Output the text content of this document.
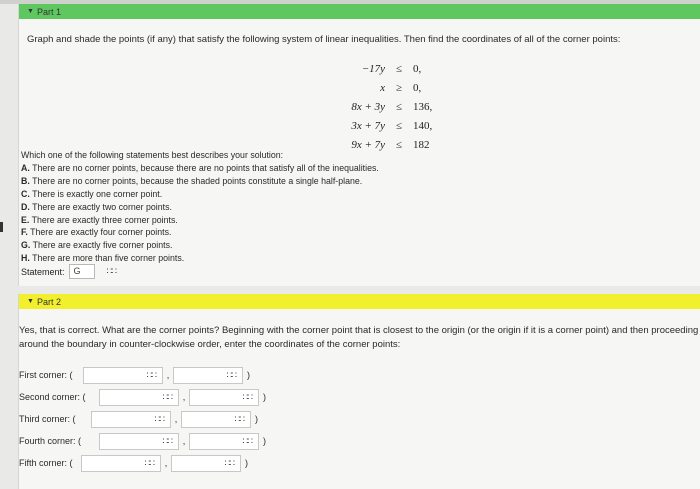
▼ Part 1
Graph and shade the points (if any) that satisfy the following system of linear inequalities. Then find the coordinates of all of the corner points:
−17y ≤ 0,
x ≥ 0,
8x + 3y ≤ 136,
3x + 7y ≤ 140,
9x + 7y ≤ 182
Which one of the following statements best describes your solution:
A. There are no corner points, because there are no points that satisfy all of the inequalities.
B. There are no corner points, because the shaded points constitute a single half-plane.
C. There is exactly one corner point.
D. There are exactly two corner points.
E. There are exactly three corner points.
F. There are exactly four corner points.
G. There are exactly five corner points.
H. There are more than five corner points.
Statement:	G	∷∷
▼ Part 2
Yes, that is correct. What are the corner points? Beginning with the corner point that is closest to the origin (or the origin if it is a corner point) and then proceeding around the boundary in counter-clockwise order, enter the coordinates of the corner points:
First corner: (	∷∷	,	∷∷ )
Second corner: (	∷∷	,	∷∷ )
Third corner: (	∷∷	,	∷∷ )
Fourth corner: (	∷∷	,	∷∷ )
Fifth corner: (	∷∷	,	∷∷ )
